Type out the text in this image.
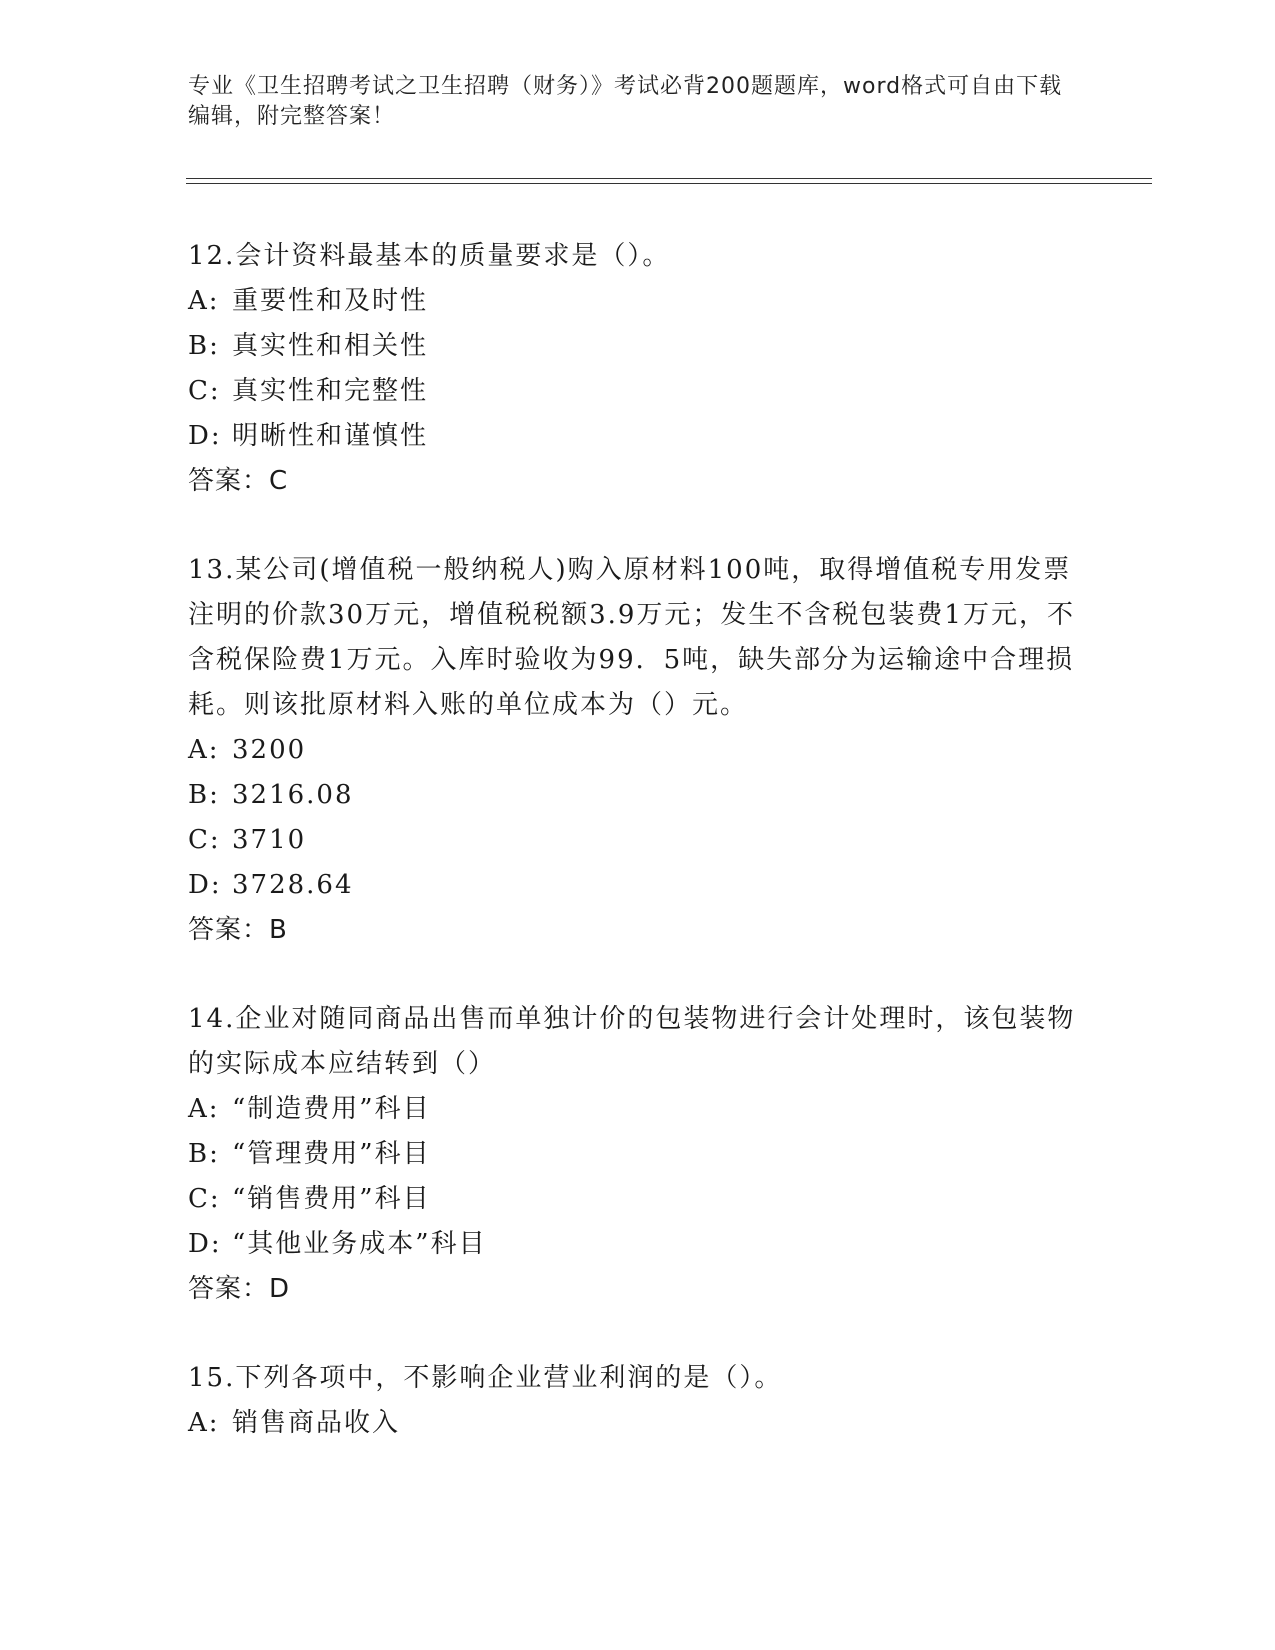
专业《卫生招聘考试之卫生招聘（财务）》考试必背200题题库，word格式可自由下载编辑，附完整答案！
12.会计资料最基本的质量要求是（）。
A: 重要性和及时性
B: 真实性和相关性
C: 真实性和完整性
D: 明晰性和谨慎性
答案：C
13.某公司(增值税一般纳税人)购入原材料100吨，取得增值税专用发票注明的价款30万元，增值税税额3.9万元；发生不含税包装费1万元，不含税保险费1万元。入库时验收为99．5吨，缺失部分为运输途中合理损耗。则该批原材料入账的单位成本为（）元。
A: 3200
B: 3216.08
C: 3710
D: 3728.64
答案：B
14.企业对随同商品出售而单独计价的包装物进行会计处理时，该包装物的实际成本应结转到（）
A: “制造费用”科目
B: “管理费用”科目
C: “销售费用”科目
D: “其他业务成本”科目
答案：D
15.下列各项中，不影响企业营业利润的是（）。
A: 销售商品收入
